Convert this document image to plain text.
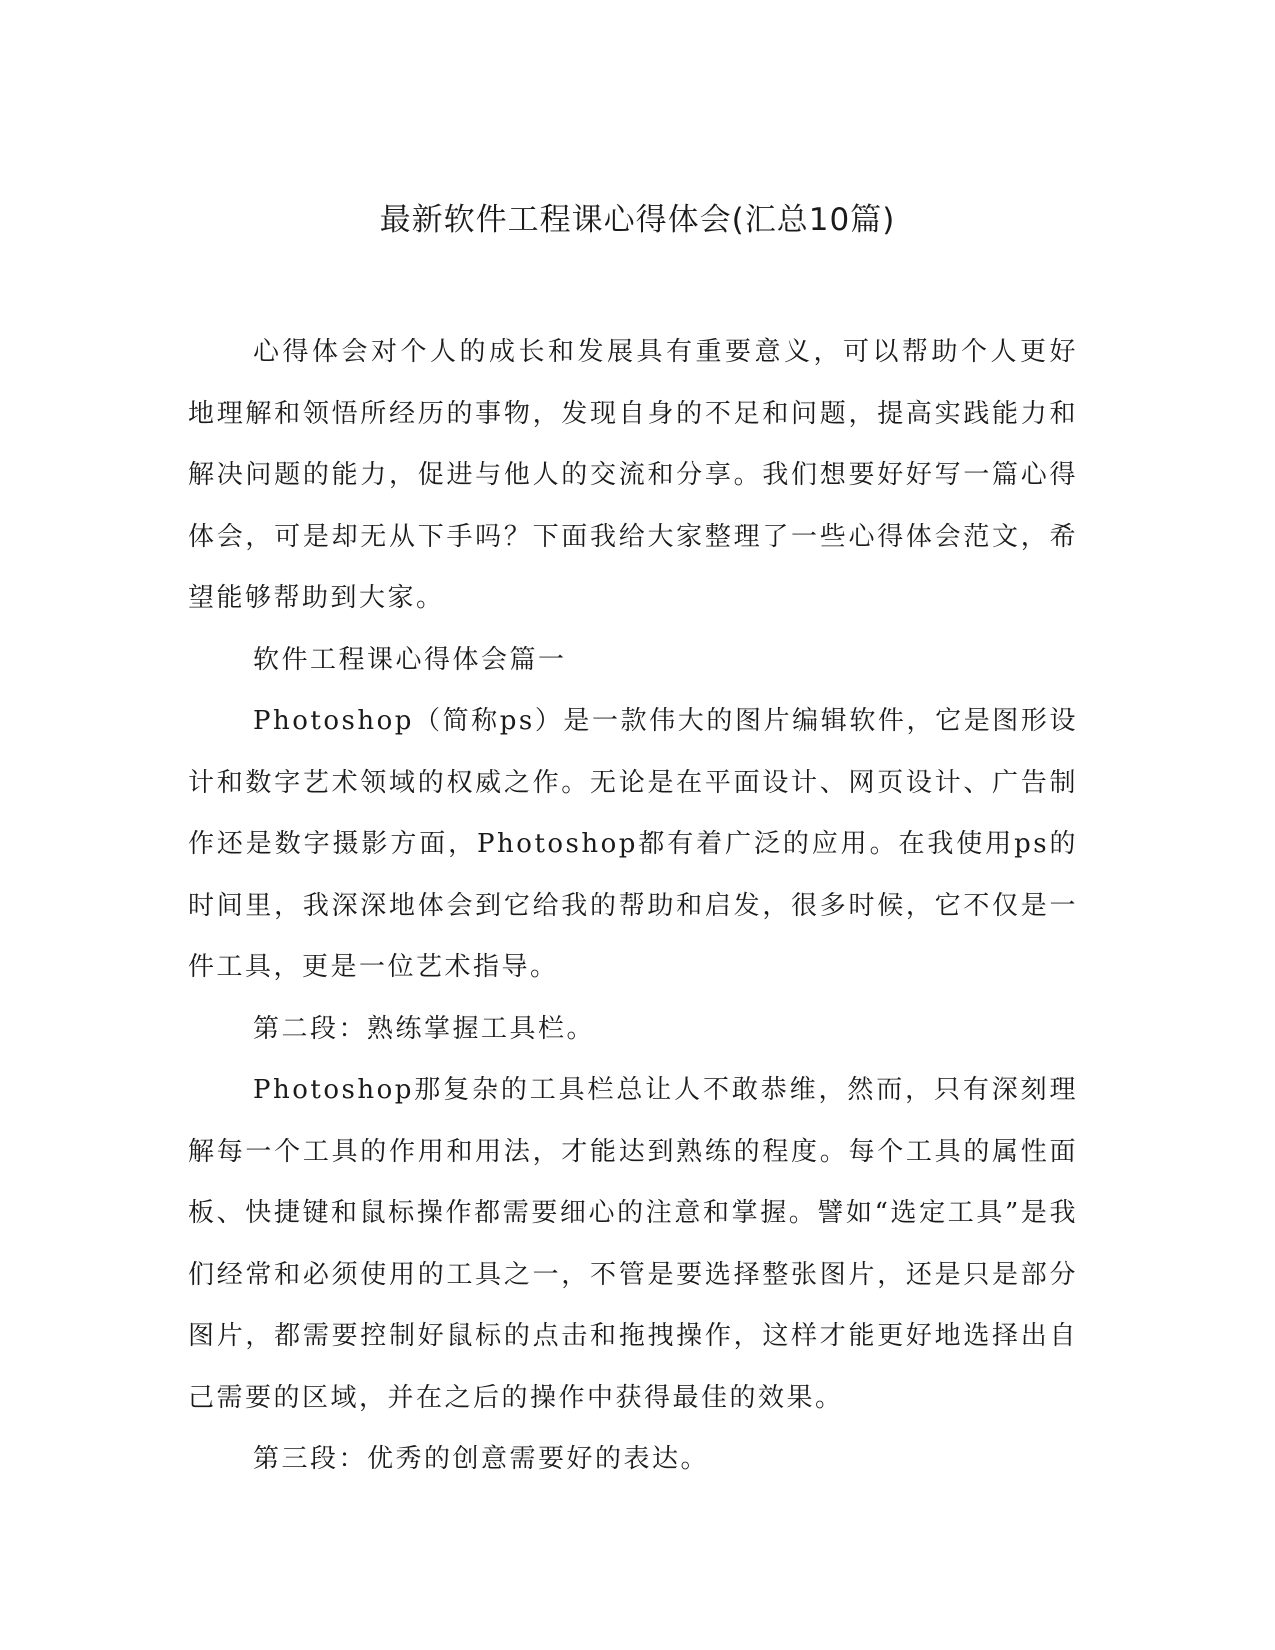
最新软件工程课心得体会(汇总10篇)

心得体会对个人的成长和发展具有重要意义，可以帮助个人更好地理解和领悟所经历的事物，发现自身的不足和问题，提高实践能力和解决问题的能力，促进与他人的交流和分享。我们想要好好写一篇心得体会，可是却无从下手吗？下面我给大家整理了一些心得体会范文，希望能够帮助到大家。

软件工程课心得体会篇一

Photoshop（简称ps）是一款伟大的图片编辑软件，它是图形设计和数字艺术领域的权威之作。无论是在平面设计、网页设计、广告制作还是数字摄影方面，Photoshop都有着广泛的应用。在我使用ps的时间里，我深深地体会到它给我的帮助和启发，很多时候，它不仅是一件工具，更是一位艺术指导。

第二段：熟练掌握工具栏。

Photoshop那复杂的工具栏总让人不敢恭维，然而，只有深刻理解每一个工具的作用和用法，才能达到熟练的程度。每个工具的属性面板、快捷键和鼠标操作都需要细心的注意和掌握。譬如“选定工具”是我们经常和必须使用的工具之一，不管是要选择整张图片，还是只是部分图片，都需要控制好鼠标的点击和拖拽操作，这样才能更好地选择出自己需要的区域，并在之后的操作中获得最佳的效果。

第三段：优秀的创意需要好的表达。
